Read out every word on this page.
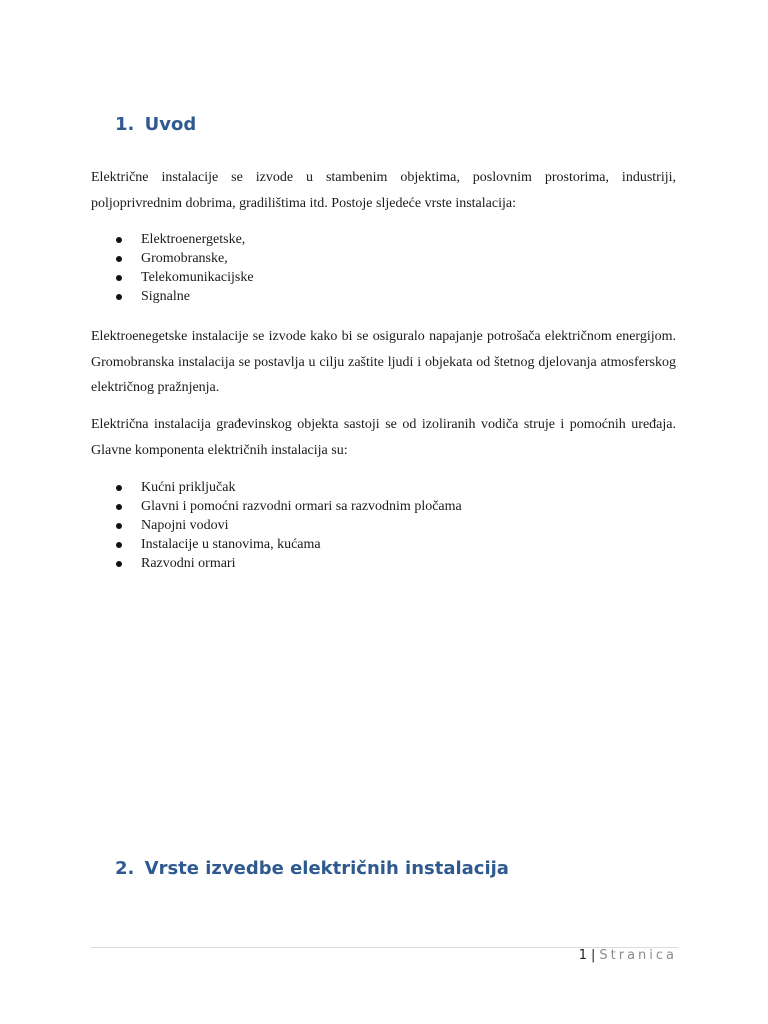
1. Uvod

Električne instalacije se izvode u stambenim objektima, poslovnim prostorima, industriji, poljoprivrednim dobrima, gradilištima itd. Postoje sljedeće vrste instalacija:

Elektroenergetske,
Gromobranske,
Telekomunikacijske
Signalne

Elektroenegetske instalacije se izvode kako bi se osiguralo napajanje potrošača električnom energijom. Gromobranska instalacija se postavlja u cilju zaštite ljudi i objekata od štetnog djelovanja atmosferskog električnog pražnjenja.

Električna instalacija građevinskog objekta sastoji se od izoliranih vodiča struje i pomoćnih uređaja. Glavne komponenta električnih instalacija su:

Kućni priključak
Glavni i pomoćni razvodni ormari sa razvodnim pločama
Napojni vodovi
Instalacije u stanovima, kućama
Razvodni ormari
2. Vrste izvedbe električnih instalacija
1 | Stranica
